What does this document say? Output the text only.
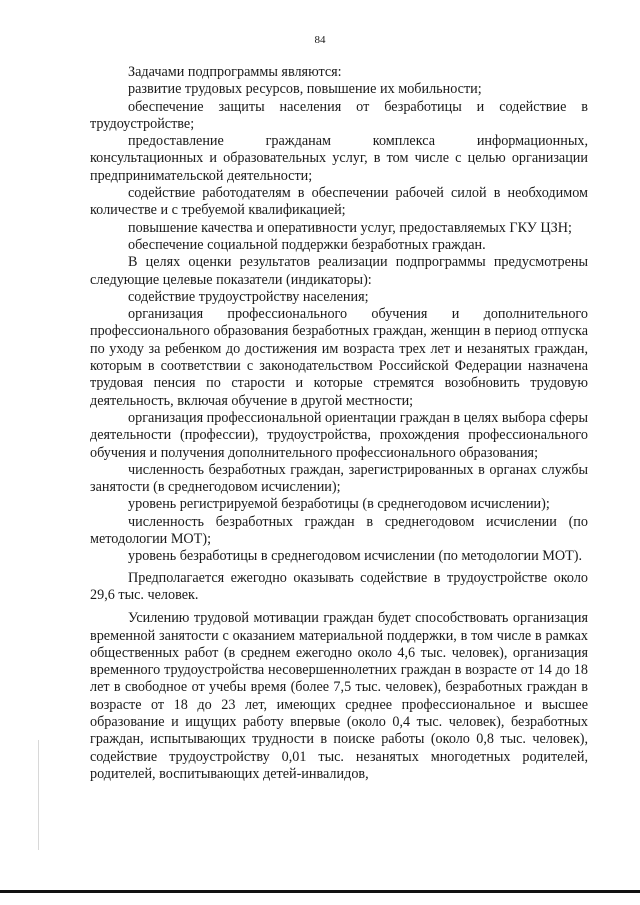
84

Задачами подпрограммы являются:

развитие трудовых ресурсов, повышение их мобильности;

обеспечение защиты населения от безработицы и содействие в трудоустройстве;

предоставление гражданам комплекса информационных, консультационных и образовательных услуг, в том числе с целью организации предпринимательской деятельности;

содействие работодателям в обеспечении рабочей силой в необходимом количестве и с требуемой квалификацией;

повышение качества и оперативности услуг, предоставляемых ГКУ ЦЗН;

обеспечение социальной поддержки безработных граждан.

В целях оценки результатов реализации подпрограммы предусмотрены следующие целевые показатели (индикаторы):

содействие трудоустройству населения;

организация профессионального обучения и дополнительного профессионального образования безработных граждан, женщин в период отпуска по уходу за ребенком до достижения им возраста трех лет и незанятых граждан, которым в соответствии с законодательством Российской Федерации назначена трудовая пенсия по старости и которые стремятся возобновить трудовую деятельность, включая обучение в другой местности;

организация профессиональной ориентации граждан в целях выбора сферы деятельности (профессии), трудоустройства, прохождения профессионального обучения и получения дополнительного профессионального образования;

численность безработных граждан, зарегистрированных в органах службы занятости (в среднегодовом исчислении);

уровень регистрируемой безработицы (в среднегодовом исчислении);

численность безработных граждан в среднегодовом исчислении (по методологии МОТ);

уровень безработицы в среднегодовом исчислении (по методологии МОТ).

Предполагается ежегодно оказывать содействие в трудоустройстве около 29,6 тыс. человек.

Усилению трудовой мотивации граждан будет способствовать организация временной занятости с оказанием материальной поддержки, в том числе в рамках общественных работ (в среднем ежегодно около 4,6 тыс. человек), организация временного трудоустройства несовершеннолетних граждан в возрасте от 14 до 18 лет в свободное от учебы время (более 7,5 тыс. человек), безработных граждан в возрасте от 18 до 23 лет, имеющих среднее профессиональное и высшее образование и ищущих работу впервые (около 0,4 тыс. человек), безработных граждан, испытывающих трудности в поиске работы (около 0,8 тыс. человек), содействие трудоустройству 0,01 тыс. незанятых многодетных родителей, родителей, воспитывающих детей-инвалидов,
